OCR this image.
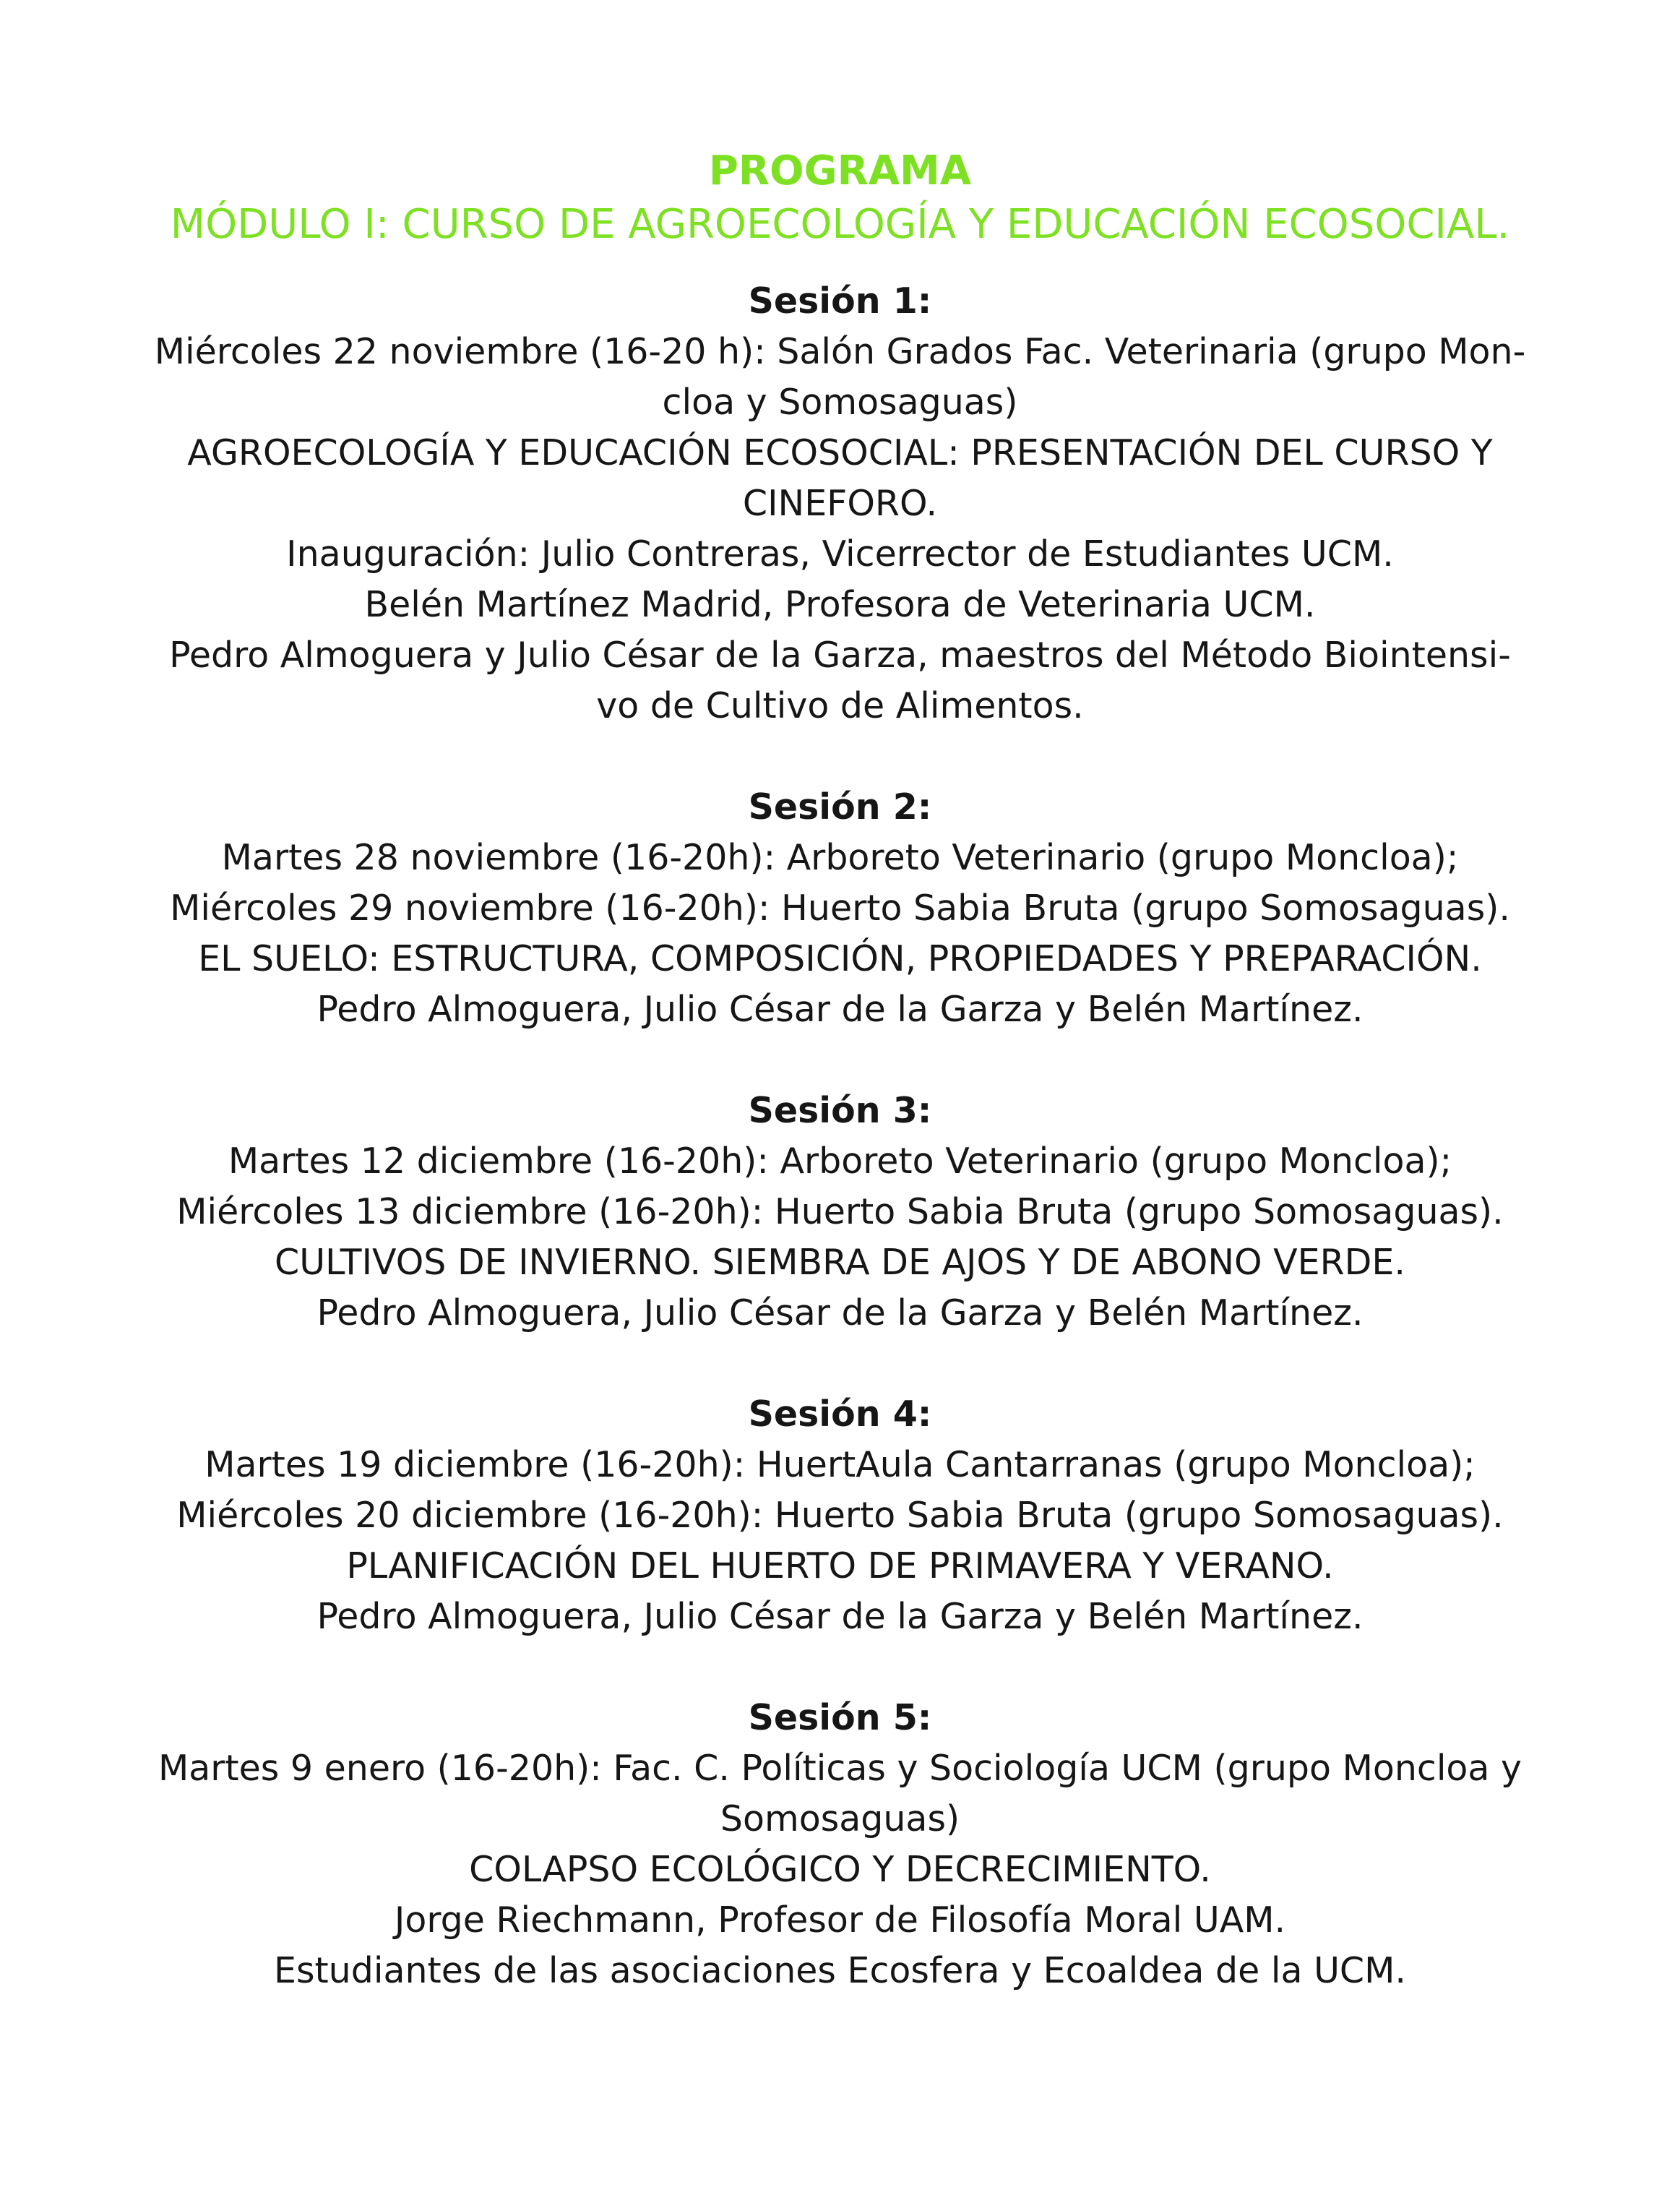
PROGRAMA

MÓDULO I: CURSO DE AGROECOLOGÍA Y EDUCACIÓN ECOSOCIAL.

Sesión 1:

Miércoles 22 noviembre (16-20 h): Salón Grados Fac. Veterinaria (grupo Mon-

cloa y Somosaguas)

AGROECOLOGÍA Y EDUCACIÓN ECOSOCIAL: PRESENTACIÓN DEL CURSO Y

CINEFORO.

Inauguración: Julio Contreras, Vicerrector de Estudiantes UCM.

Belén Martínez Madrid, Profesora de Veterinaria UCM.

Pedro Almoguera y Julio César de la Garza, maestros del Método Biointensi-

vo de Cultivo de Alimentos.

Sesión 2:

Martes 28 noviembre (16-20h): Arboreto Veterinario (grupo Moncloa);

Miércoles 29 noviembre (16-20h): Huerto Sabia Bruta (grupo Somosaguas).

EL SUELO: ESTRUCTURA, COMPOSICIÓN, PROPIEDADES Y PREPARACIÓN.

Pedro Almoguera, Julio César de la Garza y Belén Martínez.

Sesión 3:

Martes 12 diciembre (16-20h): Arboreto Veterinario (grupo Moncloa);

Miércoles 13 diciembre (16-20h): Huerto Sabia Bruta (grupo Somosaguas).

CULTIVOS DE INVIERNO. SIEMBRA DE AJOS Y DE ABONO VERDE.

Pedro Almoguera, Julio César de la Garza y Belén Martínez.

Sesión 4:

Martes 19 diciembre (16-20h): HuertAula Cantarranas (grupo Moncloa);

Miércoles 20 diciembre (16-20h): Huerto Sabia Bruta (grupo Somosaguas).

PLANIFICACIÓN DEL HUERTO DE PRIMAVERA Y VERANO.

Pedro Almoguera, Julio César de la Garza y Belén Martínez.

Sesión 5:

Martes 9 enero (16-20h): Fac. C. Políticas y Sociología UCM (grupo Moncloa y

Somosaguas)

COLAPSO ECOLÓGICO Y DECRECIMIENTO.

Jorge Riechmann, Profesor de Filosofía Moral UAM.

Estudiantes de las asociaciones Ecosfera y Ecoaldea de la UCM.
